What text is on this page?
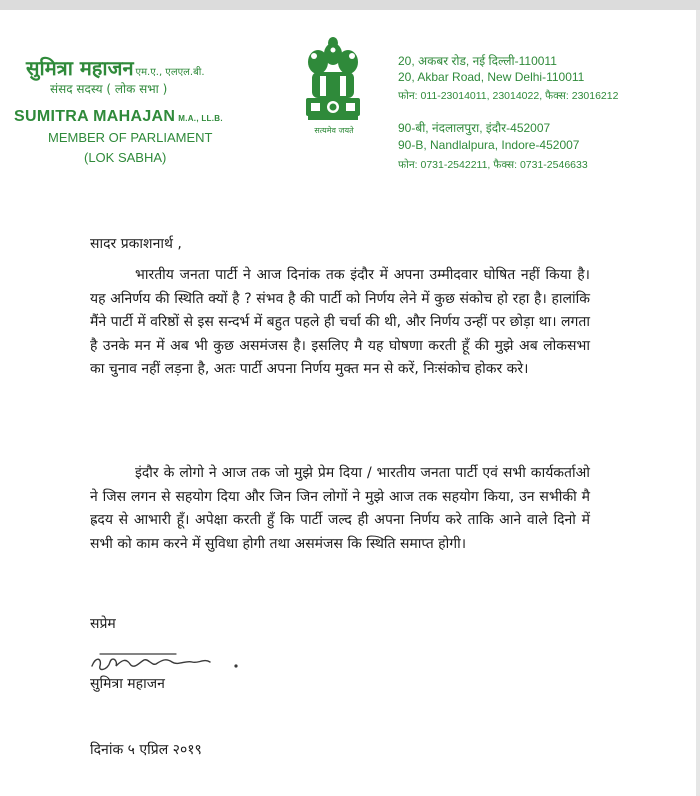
सुमित्रा महाजन एम.ए., एलएल.बी.
संसद सदस्य ( लोक सभा )
SUMITRA MAHAJAN M.A., LL.B.
MEMBER OF PARLIAMENT
(LOK SABHA)
सत्यमेव जयते
20, अकबर रोड, नई दिल्ली-110011
20, Akbar Road, New Delhi-110011
फोन: 011-23014011, 23014022, फैक्स: 23016212
90-बी, नंदलालपुरा, इंदौर-452007
90-B, Nandlalpura, Indore-452007
फोन: 0731-2542211, फैक्स: 0731-2546633
सादर प्रकाशनार्थ ,
भारतीय जनता पार्टी ने आज दिनांक तक इंदौर में अपना उम्मीदवार घोषित नहीं किया है। यह अनिर्णय की स्थिति क्यों है ? संभव है की पार्टी को निर्णय लेने में कुछ संकोच हो रहा है। हालांकि मैंने पार्टी में वरिष्ठों से इस सन्दर्भ में बहुत पहले ही चर्चा की थी, और निर्णय उन्हीं पर छोड़ा था। लगता है उनके मन में अब भी कुछ असमंजस है। इसलिए मै यह घोषणा करती हूँ की मुझे अब लोकसभा का चुनाव नहीं लड़ना है, अतः पार्टी अपना निर्णय मुक्त मन से करें, निःसंकोच होकर करे।
इंदौर के लोगो ने आज तक जो मुझे प्रेम दिया / भारतीय जनता पार्टी एवं सभी कार्यकर्ताओ ने जिस लगन से सहयोग दिया और जिन जिन लोगों ने मुझे आज तक सहयोग किया, उन सभीकी मै ह्रदय से आभारी हूँ। अपेक्षा करती हुँ कि पार्टी जल्द ही अपना निर्णय करे ताकि आने वाले दिनो में सभी को काम करने में सुविधा होगी तथा असमंजस कि स्थिति समाप्त होगी।
सप्रेम
सुमित्रा महाजन
दिनांक ५ एप्रिल २०१९
